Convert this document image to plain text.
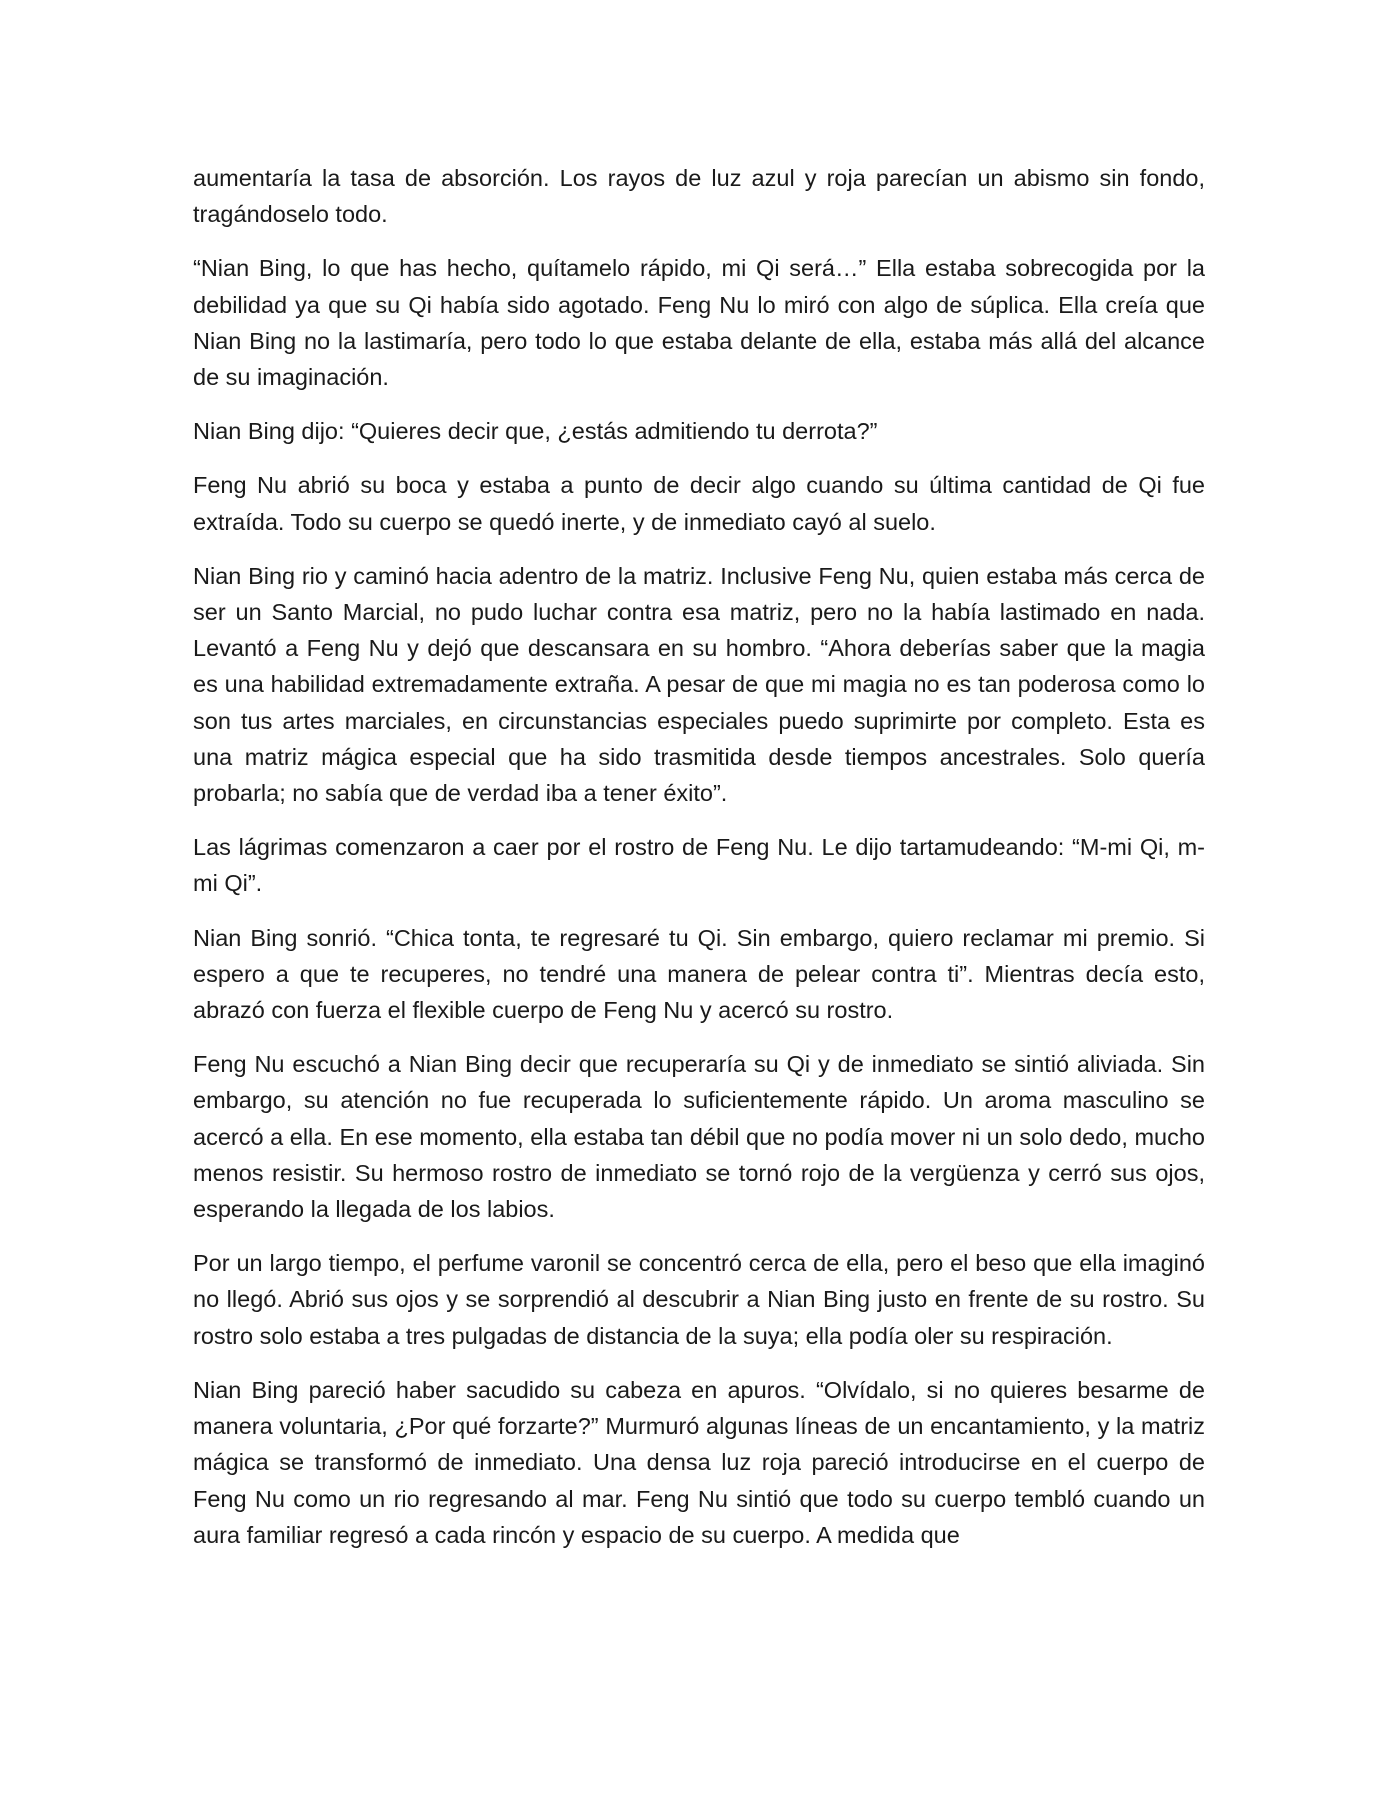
aumentaría la tasa de absorción. Los rayos de luz azul y roja parecían un abismo sin fondo, tragándoselo todo.

“Nian Bing, lo que has hecho, quítamelo rápido, mi Qi será…” Ella estaba sobrecogida por la debilidad ya que su Qi había sido agotado. Feng Nu lo miró con algo de súplica. Ella creía que Nian Bing no la lastimaría, pero todo lo que estaba delante de ella, estaba más allá del alcance de su imaginación.

Nian Bing dijo: “Quieres decir que, ¿estás admitiendo tu derrota?”

Feng Nu abrió su boca y estaba a punto de decir algo cuando su última cantidad de Qi fue extraída. Todo su cuerpo se quedó inerte, y de inmediato cayó al suelo.

Nian Bing rio y caminó hacia adentro de la matriz. Inclusive Feng Nu, quien estaba más cerca de ser un Santo Marcial, no pudo luchar contra esa matriz, pero no la había lastimado en nada. Levantó a Feng Nu y dejó que descansara en su hombro. “Ahora deberías saber que la magia es una habilidad extremadamente extraña. A pesar de que mi magia no es tan poderosa como lo son tus artes marciales, en circunstancias especiales puedo suprimirte por completo. Esta es una matriz mágica especial que ha sido trasmitida desde tiempos ancestrales. Solo quería probarla; no sabía que de verdad iba a tener éxito”.

Las lágrimas comenzaron a caer por el rostro de Feng Nu. Le dijo tartamudeando: “M-mi Qi, m-mi Qi”.

Nian Bing sonrió. “Chica tonta, te regresaré tu Qi. Sin embargo, quiero reclamar mi premio. Si espero a que te recuperes, no tendré una manera de pelear contra ti”. Mientras decía esto, abrazó con fuerza el flexible cuerpo de Feng Nu y acercó su rostro.

Feng Nu escuchó a Nian Bing decir que recuperaría su Qi y de inmediato se sintió aliviada. Sin embargo, su atención no fue recuperada lo suficientemente rápido. Un aroma masculino se acercó a ella. En ese momento, ella estaba tan débil que no podía mover ni un solo dedo, mucho menos resistir. Su hermoso rostro de inmediato se tornó rojo de la vergüenza y cerró sus ojos, esperando la llegada de los labios.

Por un largo tiempo, el perfume varonil se concentró cerca de ella, pero el beso que ella imaginó no llegó. Abrió sus ojos y se sorprendió al descubrir a Nian Bing justo en frente de su rostro. Su rostro solo estaba a tres pulgadas de distancia de la suya; ella podía oler su respiración.

Nian Bing pareció haber sacudido su cabeza en apuros. “Olvídalo, si no quieres besarme de manera voluntaria, ¿Por qué forzarte?” Murmuró algunas líneas de un encantamiento, y la matriz mágica se transformó de inmediato. Una densa luz roja pareció introducirse en el cuerpo de Feng Nu como un rio regresando al mar. Feng Nu sintió que todo su cuerpo tembló cuando un aura familiar regresó a cada rincón y espacio de su cuerpo. A medida que
